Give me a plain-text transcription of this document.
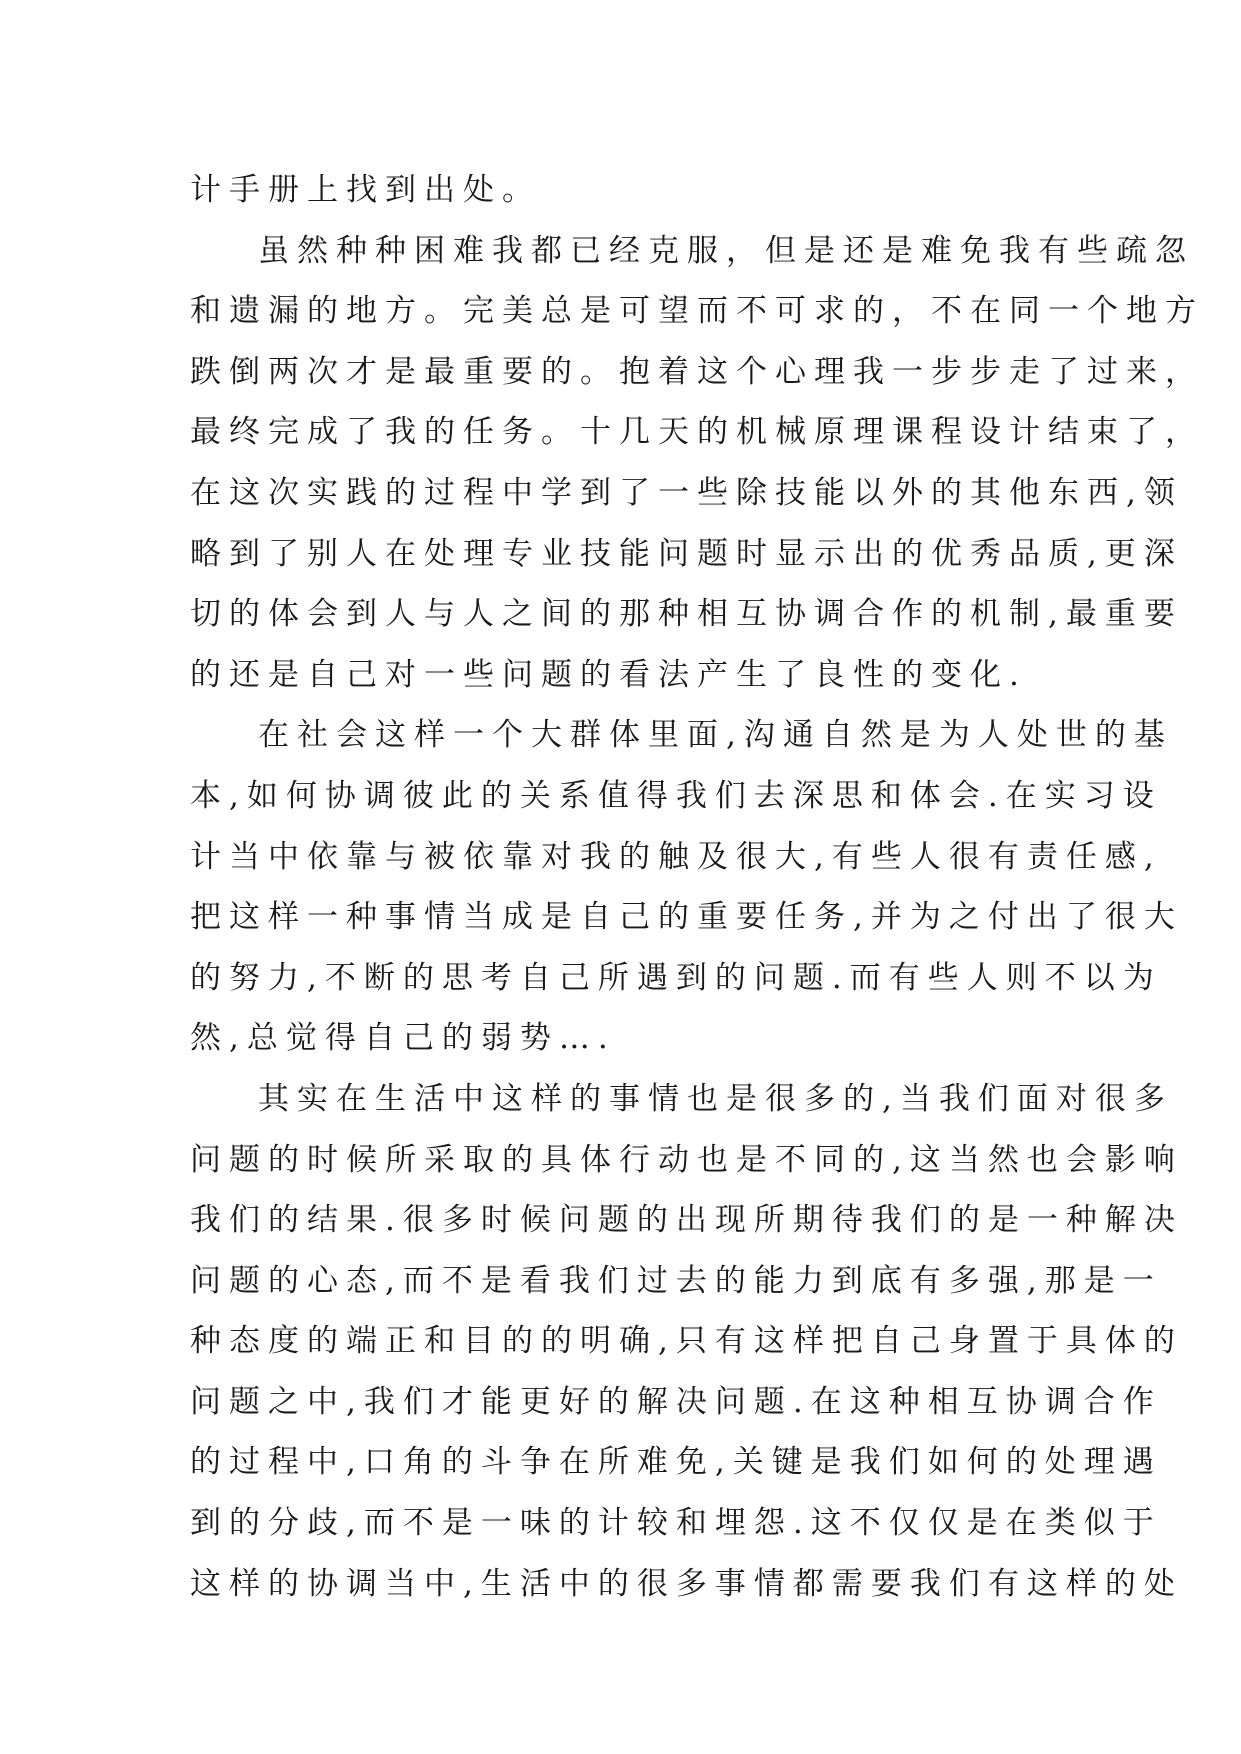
计手册上找到出处。
虽然种种困难我都已经克服，但是还是难免我有些疏忽
和遗漏的地方。完美总是可望而不可求的，不在同一个地方
跌倒两次才是最重要的。抱着这个心理我一步步走了过来，
最终完成了我的任务。十几天的机械原理课程设计结束了，
在这次实践的过程中学到了一些除技能以外的其他东西,领
略到了别人在处理专业技能问题时显示出的优秀品质,更深
切的体会到人与人之间的那种相互协调合作的机制,最重要
的还是自己对一些问题的看法产生了良性的变化.
在社会这样一个大群体里面,沟通自然是为人处世的基
本,如何协调彼此的关系值得我们去深思和体会.在实习设
计当中依靠与被依靠对我的触及很大,有些人很有责任感,
把这样一种事情当成是自己的重要任务,并为之付出了很大
的努力,不断的思考自己所遇到的问题.而有些人则不以为
然,总觉得自己的弱势….
其实在生活中这样的事情也是很多的,当我们面对很多
问题的时候所采取的具体行动也是不同的,这当然也会影响
我们的结果.很多时候问题的出现所期待我们的是一种解决
问题的心态,而不是看我们过去的能力到底有多强,那是一
种态度的端正和目的的明确,只有这样把自己身置于具体的
问题之中,我们才能更好的解决问题.在这种相互协调合作
的过程中,口角的斗争在所难免,关键是我们如何的处理遇
到的分歧,而不是一味的计较和埋怨.这不仅仅是在类似于
这样的协调当中,生活中的很多事情都需要我们有这样的处
